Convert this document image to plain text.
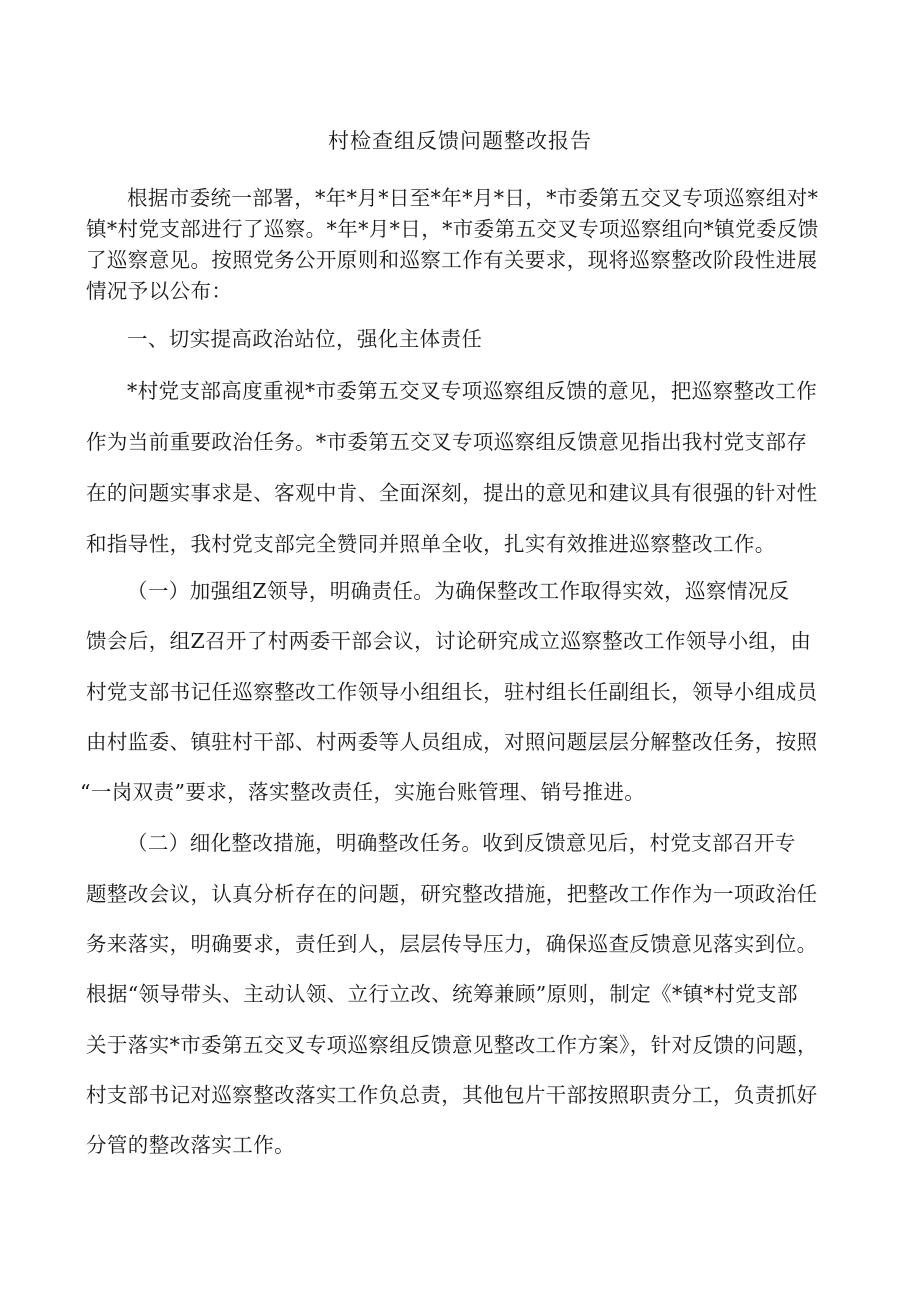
村检查组反馈问题整改报告
根据市委统一部署，*年*月*日至*年*月*日，*市委第五交叉专项巡察组对*
镇*村党支部进行了巡察。*年*月*日，*市委第五交叉专项巡察组向*镇党委反馈
了巡察意见。按照党务公开原则和巡察工作有关要求，现将巡察整改阶段性进展
情况予以公布：
一、切实提高政治站位，强化主体责任
*村党支部高度重视*市委第五交叉专项巡察组反馈的意见，把巡察整改工作
作为当前重要政治任务。*市委第五交叉专项巡察组反馈意见指出我村党支部存
在的问题实事求是、客观中肯、全面深刻，提出的意见和建议具有很强的针对性
和指导性，我村党支部完全赞同并照单全收，扎实有效推进巡察整改工作。
（一）加强组Z领导，明确责任。为确保整改工作取得实效，巡察情况反
馈会后，组Z召开了村两委干部会议，讨论研究成立巡察整改工作领导小组，由
村党支部书记任巡察整改工作领导小组组长，驻村组长任副组长，领导小组成员
由村监委、镇驻村干部、村两委等人员组成，对照问题层层分解整改任务，按照
“一岗双责”要求，落实整改责任，实施台账管理、销号推进。
（二）细化整改措施，明确整改任务。收到反馈意见后，村党支部召开专
题整改会议，认真分析存在的问题，研究整改措施，把整改工作作为一项政治任
务来落实，明确要求，责任到人，层层传导压力，确保巡查反馈意见落实到位。
根据“领导带头、主动认领、立行立改、统筹兼顾”原则，制定《*镇*村党支部
关于落实*市委第五交叉专项巡察组反馈意见整改工作方案》，针对反馈的问题，
村支部书记对巡察整改落实工作负总责，其他包片干部按照职责分工，负责抓好
分管的整改落实工作。
